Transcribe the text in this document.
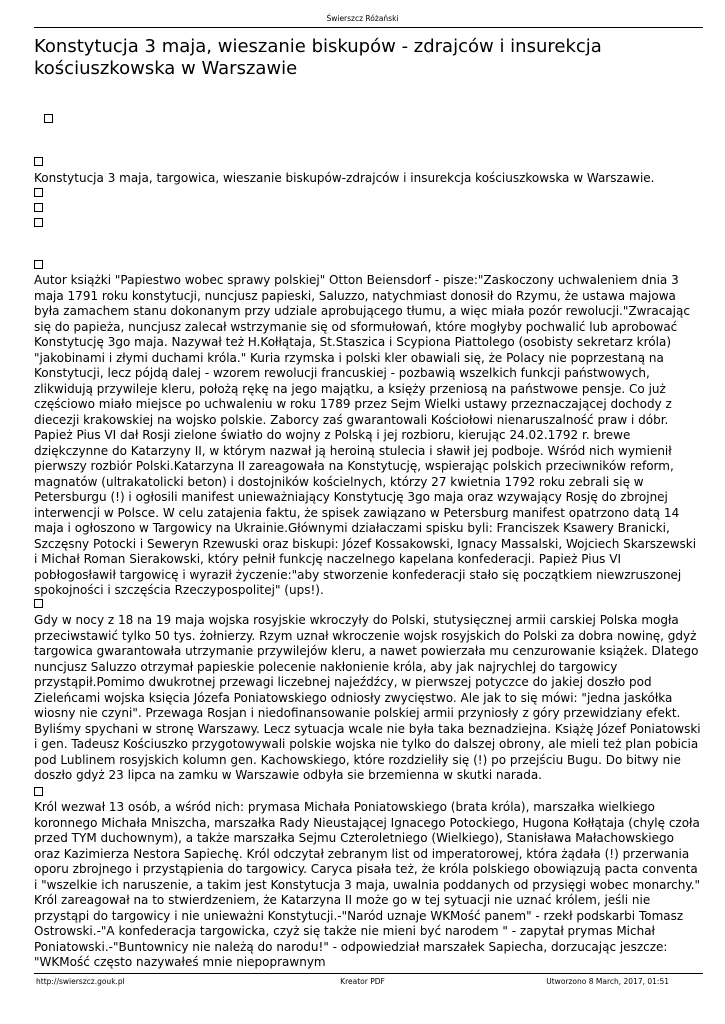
Świerszcz Różański
Konstytucja 3 maja, wieszanie biskupów - zdrajców i insurekcja kościuszkowska w Warszawie

Konstytucja 3 maja, targowica, wieszanie biskupów-zdrajców i insurekcja kościuszkowska w Warszawie.

Autor książki "Papiestwo wobec sprawy polskiej" Otton Beiensdorf - pisze:"Zaskoczony uchwaleniem dnia 3 maja 1791 roku konstytucji, nuncjusz papieski, Saluzzo, natychmiast donosił do Rzymu, że ustawa majowa była zamachem stanu dokonanym przy udziale aprobującego tłumu, a więc miała pozór rewolucji."Zwracając się do papieża, nuncjusz zalecał wstrzymanie się od sformułowań, które mogłyby pochwalić lub aprobować Konstytucję 3go maja. Nazywał też H.Kołłątaja, St.Staszica i Scypiona Piattolego (osobisty sekretarz króla) "jakobinami i złymi duchami króla." Kuria rzymska i polski kler obawiali się, że Polacy nie poprzestaną na Konstytucji, lecz pójdą dalej - wzorem rewolucji francuskiej - pozbawią wszelkich funkcji państwowych, zlikwidują przywileje kleru, położą rękę na jego majątku, a księży przeniosą na państwowe pensje. Co już częściowo miało miejsce po uchwaleniu w roku 1789 przez Sejm Wielki ustawy przeznaczającej dochody z diecezji krakowskiej na wojsko polskie. Zaborcy zaś gwarantowali Kościołowi nienaruszalność praw i dóbr. Papież Pius VI dał Rosji zielone światło do wojny z Polską i jej rozbioru, kierując 24.02.1792 r. brewe dziękczynne do Katarzyny II, w którym nazwał ją heroiną stulecia i sławił jej podboje. Wśród nich wymienił pierwszy rozbiór Polski.Katarzyna II zareagowała na Konstytucję, wspierając polskich przeciwników reform, magnatów (ultrakatolicki beton) i dostojników kościelnych, którzy 27 kwietnia 1792 roku zebrali się w Petersburgu (!) i ogłosili manifest unieważniający Konstytucję 3go maja oraz wzywający Rosję do zbrojnej interwencji w Polsce. W celu zatajenia faktu, że spisek zawiązano w Petersburg manifest opatrzono datą 14 maja i ogłoszono w Targowicy na Ukrainie.Głównymi działaczami spisku byli: Franciszek Ksawery Branicki, Szczęsny Potocki i Seweryn Rzewuski oraz biskupi: Józef Kossakowski, Ignacy Massalski, Wojciech Skarszewski i Michał Roman Sierakowski, który pełnił funkcję naczelnego kapelana konfederacji. Papież Pius VI pobłogosławił targowicę i wyraził życzenie:"aby stworzenie konfederacji stało się początkiem niewzruszonej spokojności i szczęścia Rzeczypospolitej" (ups!).

Gdy w nocy z 18 na 19 maja wojska rosyjskie wkroczyły do Polski, stutysięcznej armii carskiej Polska mogła przeciwstawić tylko 50 tys. żołnierzy. Rzym uznał wkroczenie wojsk rosyjskich do Polski za dobra nowinę, gdyż targowica gwarantowała utrzymanie przywilejów kleru, a nawet powierzała mu cenzurowanie książek. Dlatego nuncjusz Saluzzo otrzymał papieskie polecenie nakłonienie króla, aby jak najrychlej do targowicy przystąpił.Pomimo dwukrotnej przewagi liczebnej najeźdźcy, w pierwszej potyczce do jakiej doszło pod Zieleńcami wojska księcia Józefa Poniatowskiego odniosły zwycięstwo. Ale jak to się mówi: "jedna jaskółka wiosny nie czyni". Przewaga Rosjan i niedofinansowanie polskiej armii przyniosły z góry przewidziany efekt. Byliśmy spychani w stronę Warszawy. Lecz sytuacja wcale nie była taka beznadziejna. Książę Józef Poniatowski i gen. Tadeusz Kościuszko przygotowywali polskie wojska nie tylko do dalszej obrony, ale mieli też plan pobicia pod Lublinem rosyjskich kolumn gen. Kachowskiego, które rozdzieliły się (!) po przejściu Bugu. Do bitwy nie doszło gdyż 23 lipca na zamku w Warszawie odbyła sie brzemienna w skutki narada.

Król wezwał 13 osób, a wśród nich: prymasa Michała Poniatowskiego (brata króla), marszałka wielkiego koronnego Michała Mniszcha, marszałka Rady Nieustającej Ignacego Potockiego, Hugona Kołłątaja (chylę czoła przed TYM duchownym), a także marszałka Sejmu Czteroletniego (Wielkiego), Stanisława Małachowskiego oraz Kazimierza Nestora Sapiechę. Król odczytał zebranym list od imperatorowej, która żądała (!) przerwania oporu zbrojnego i przystąpienia do targowicy. Caryca pisała też, że króla polskiego obowiązują pacta conventa i "wszelkie ich naruszenie, a takim jest Konstytucja 3 maja, uwalnia poddanych od przysięgi wobec monarchy." Król zareagował na to stwierdzeniem, że Katarzyna II może go w tej sytuacji nie uznać królem, jeśli nie przystąpi do targowicy i nie unieważni Konstytucji.-"Naród uznaje WKMość panem" - rzekł podskarbi Tomasz Ostrowski.-"A konfederacja targowicka, czyż się także nie mieni być narodem " - zapytał prymas Michał Poniatowski.-"Buntownicy nie należą do narodu!" - odpowiedział marszałek Sapiecha, dorzucając jeszcze: "WKMość często nazywałeś mnie niepoprawnym

http://swierszcz.gouk.pl	Kreator PDF	Utworzono 8 March, 2017, 01:51
